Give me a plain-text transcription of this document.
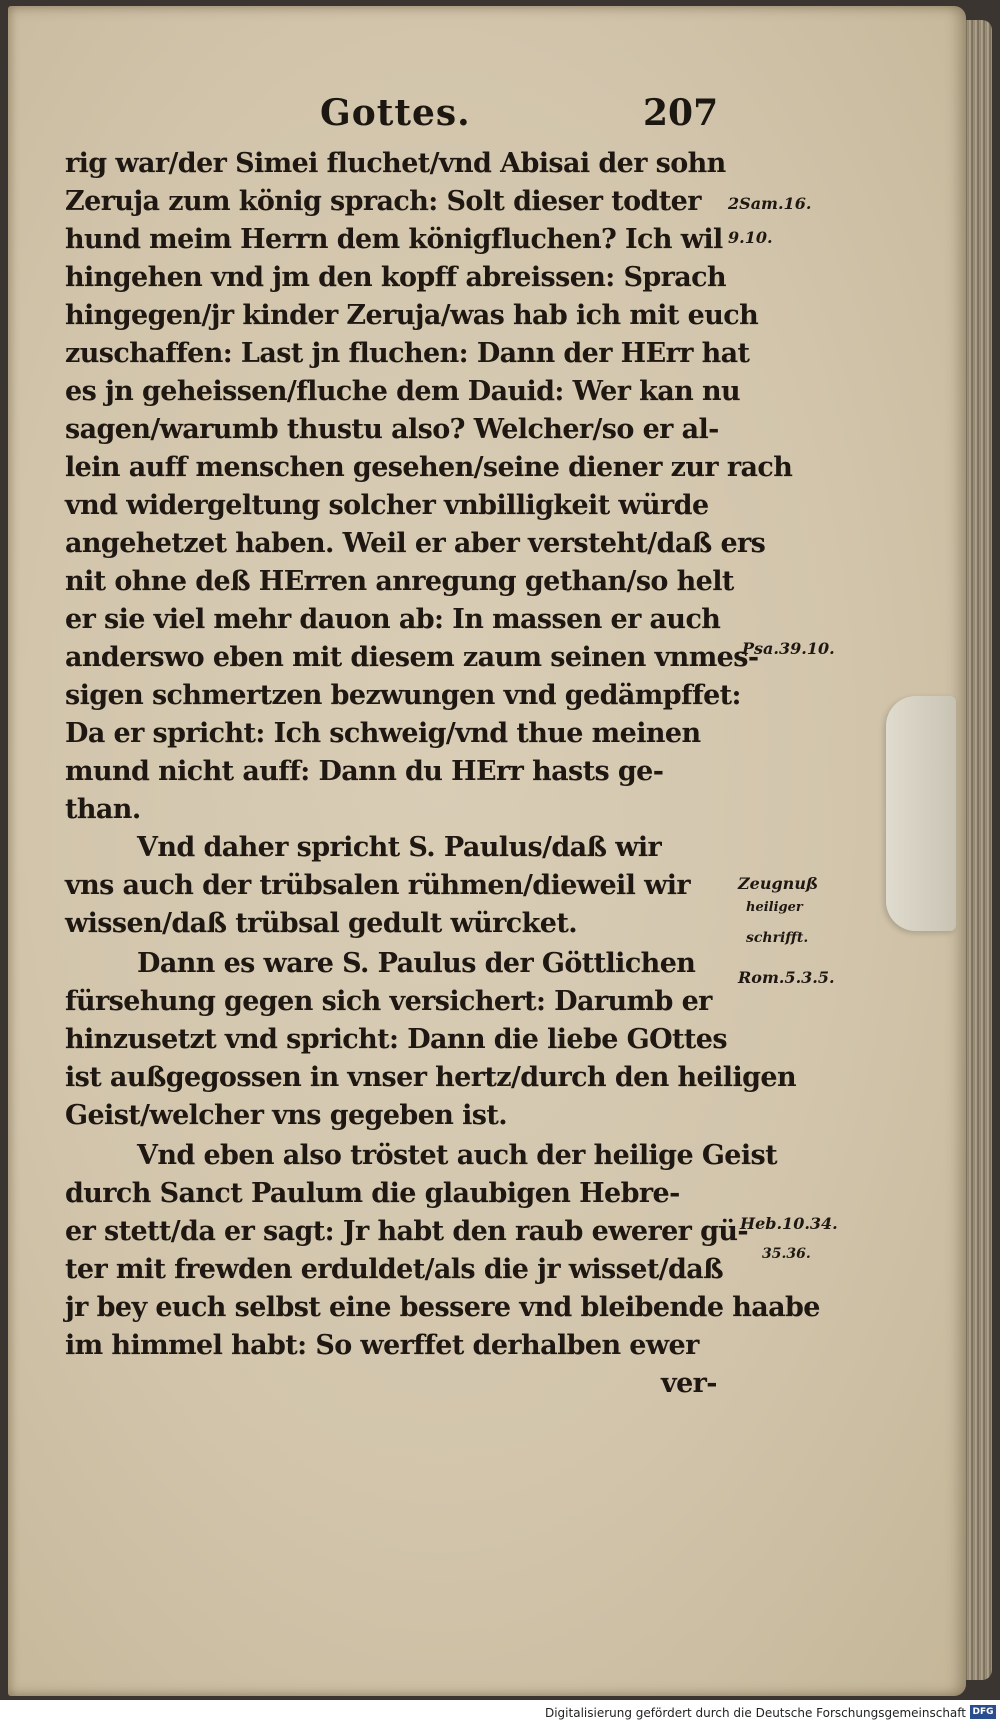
Gottes.	207
rig war/der Simei fluchet/vnd Abisai der sohn
Zeruja zum könig sprach: Solt dieser todter
hund meim Herrn dem königfluchen? Ich wil
hingehen vnd jm den kopff abreissen: Sprach
hingegen/jr kinder Zeruja/was hab ich mit euch
zuschaffen: Last jn fluchen: Dann der HErr hat
es jn geheissen/fluche dem Dauid: Wer kan nu
sagen/warumb thustu also? Welcher/so er al-
lein auff menschen gesehen/seine diener zur rach
vnd widergeltung solcher vnbilligkeit würde
angehetzet haben. Weil er aber versteht/daß ers
nit ohne deß HErren anregung gethan/so helt
er sie viel mehr dauon ab: In massen er auch
anderswo eben mit diesem zaum seinen vnmes-
sigen schmertzen bezwungen vnd gedämpffet:
Da er spricht: Ich schweig/vnd thue meinen
mund nicht auff: Dann du HErr hasts ge-
than.
Vnd daher spricht S. Paulus/daß wir
vns auch der trübsalen rühmen/dieweil wir
wissen/daß trübsal gedult würcket.
Dann es ware S. Paulus der Göttlichen
fürsehung gegen sich versichert: Darumb er
hinzusetzt vnd spricht: Dann die liebe GOttes
ist außgegossen in vnser hertz/durch den heiligen
Geist/welcher vns gegeben ist.
Vnd eben also tröstet auch der heilige Geist
durch Sanct Paulum die glaubigen Hebre-
er stett/da er sagt: Jr habt den raub ewerer gü-
ter mit frewden erduldet/als die jr wisset/daß
jr bey euch selbst eine bessere vnd bleibende haabe
im himmel habt: So werffet derhalben ewer
ver-
2Sam.16.
9.10.
Psa.39.10.
Zeugnuß
heiliger
schrifft.
Rom.5.3.5.
Heb.10.34.
35.36.
Digitalisierung gefördert durch die Deutsche Forschungsgemeinschaft DFG
